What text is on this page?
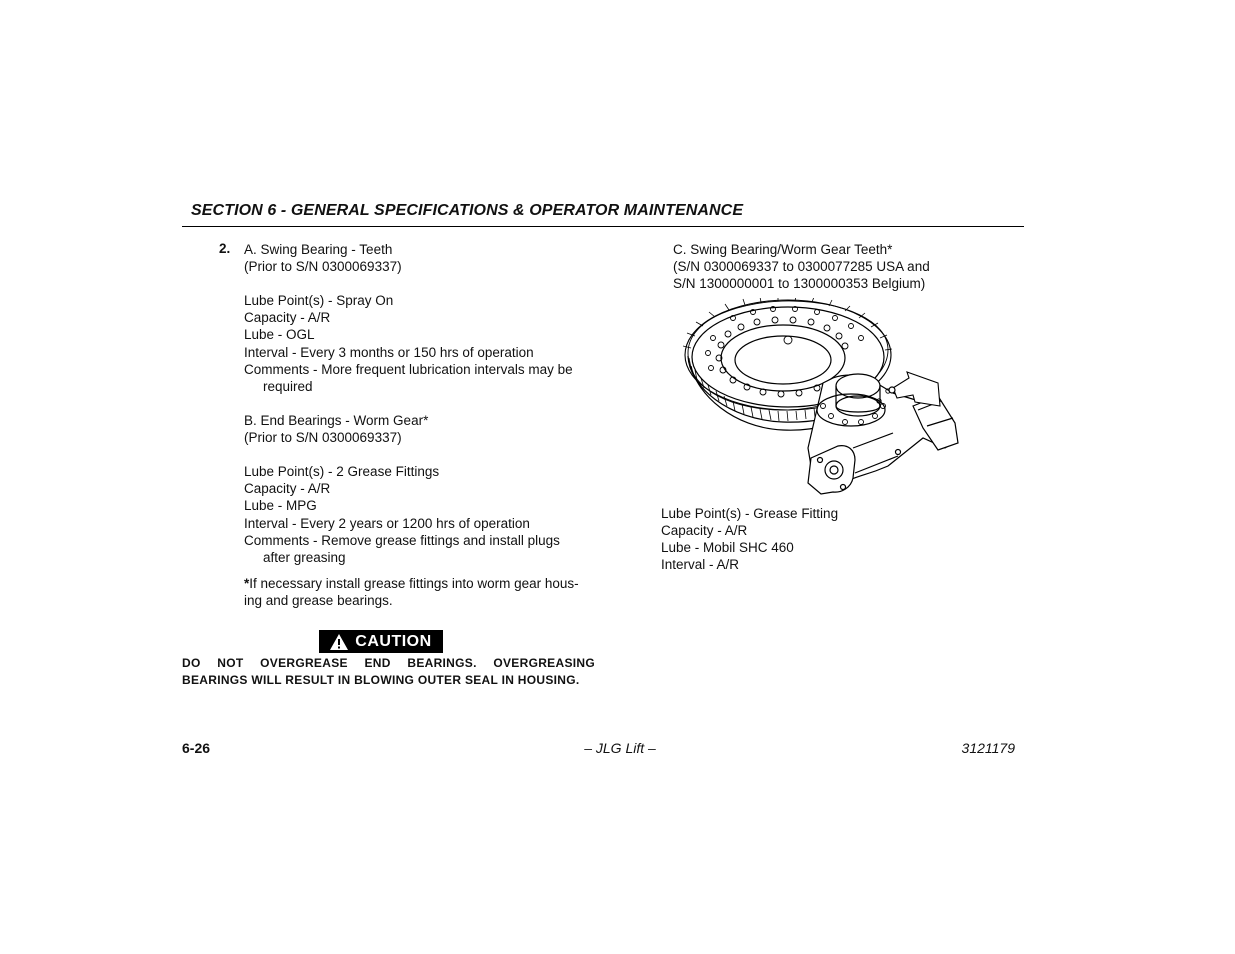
SECTION 6 - GENERAL SPECIFICATIONS & OPERATOR MAINTENANCE
2. A. Swing Bearing - Teeth
(Prior to S/N 0300069337)
Lube Point(s) - Spray On
Capacity - A/R
Lube - OGL
Interval - Every 3 months or 150 hrs of operation
Comments - More frequent lubrication intervals may be
required
B. End Bearings - Worm Gear*
(Prior to S/N 0300069337)
Lube Point(s) - 2 Grease Fittings
Capacity - A/R
Lube - MPG
Interval - Every 2 years or 1200 hrs of operation
Comments - Remove grease fittings and install plugs
after greasing
*If necessary install grease fittings into worm gear hous-
ing and grease bearings.
C. Swing Bearing/Worm Gear Teeth*
(S/N 0300069337 to 0300077285 USA and
S/N 1300000001 to 1300000353 Belgium)
Lube Point(s) - Grease Fitting
Capacity - A/R
Lube - Mobil SHC 460
Interval - A/R
CAUTION
DO NOT OVERGREASE END BEARINGS. OVERGREASING BEARINGS WILL RESULT IN BLOWING OUTER SEAL IN HOUSING.
6-26	– JLG Lift –	3121179
